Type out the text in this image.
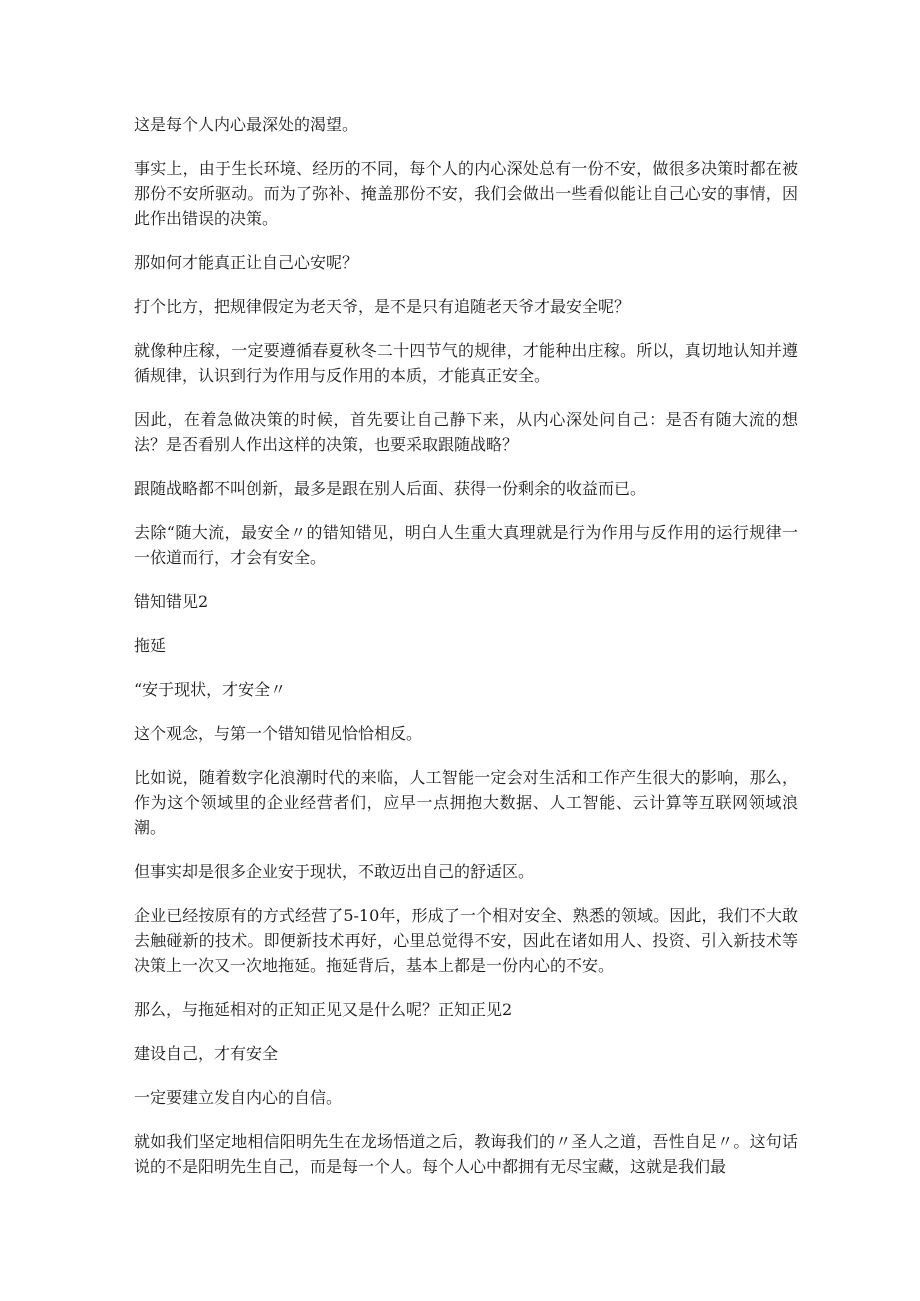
这是每个人内心最深处的渴望。

事实上，由于生长环境、经历的不同，每个人的内心深处总有一份不安，做很多决策时都在被那份不安所驱动。而为了弥补、掩盖那份不安，我们会做出一些看似能让自己心安的事情，因此作出错误的决策。

那如何才能真正让自己心安呢？

打个比方，把规律假定为老天爷，是不是只有追随老天爷才最安全呢？

就像种庄稼，一定要遵循春夏秋冬二十四节气的规律，才能种出庄稼。所以，真切地认知并遵循规律，认识到行为作用与反作用的本质，才能真正安全。

因此，在着急做决策的时候，首先要让自己静下来，从内心深处问自己：是否有随大流的想法？是否看别人作出这样的决策，也要采取跟随战略？

跟随战略都不叫创新，最多是跟在别人后面、获得一份剩余的收益而已。

去除“随大流，最安全〃的错知错见，明白人生重大真理就是行为作用与反作用的运行规律一一依道而行，才会有安全。

错知错见2

拖延

“安于现状，才安全〃

这个观念，与第一个错知错见恰恰相反。

比如说，随着数字化浪潮时代的来临，人工智能一定会对生活和工作产生很大的影响，那么，作为这个领域里的企业经营者们，应早一点拥抱大数据、人工智能、云计算等互联网领域浪潮。

但事实却是很多企业安于现状，不敢迈出自己的舒适区。

企业已经按原有的方式经营了5-10年，形成了一个相对安全、熟悉的领域。因此，我们不大敢去触碰新的技术。即便新技术再好，心里总觉得不安，因此在诸如用人、投资、引入新技术等决策上一次又一次地拖延。拖延背后，基本上都是一份内心的不安。

那么，与拖延相对的正知正见又是什么呢？正知正见2

建设自己，才有安全

一定要建立发自内心的自信。

就如我们坚定地相信阳明先生在龙场悟道之后，教诲我们的〃圣人之道，吾性自足〃。这句话说的不是阳明先生自己，而是每一个人。每个人心中都拥有无尽宝藏，这就是我们最
